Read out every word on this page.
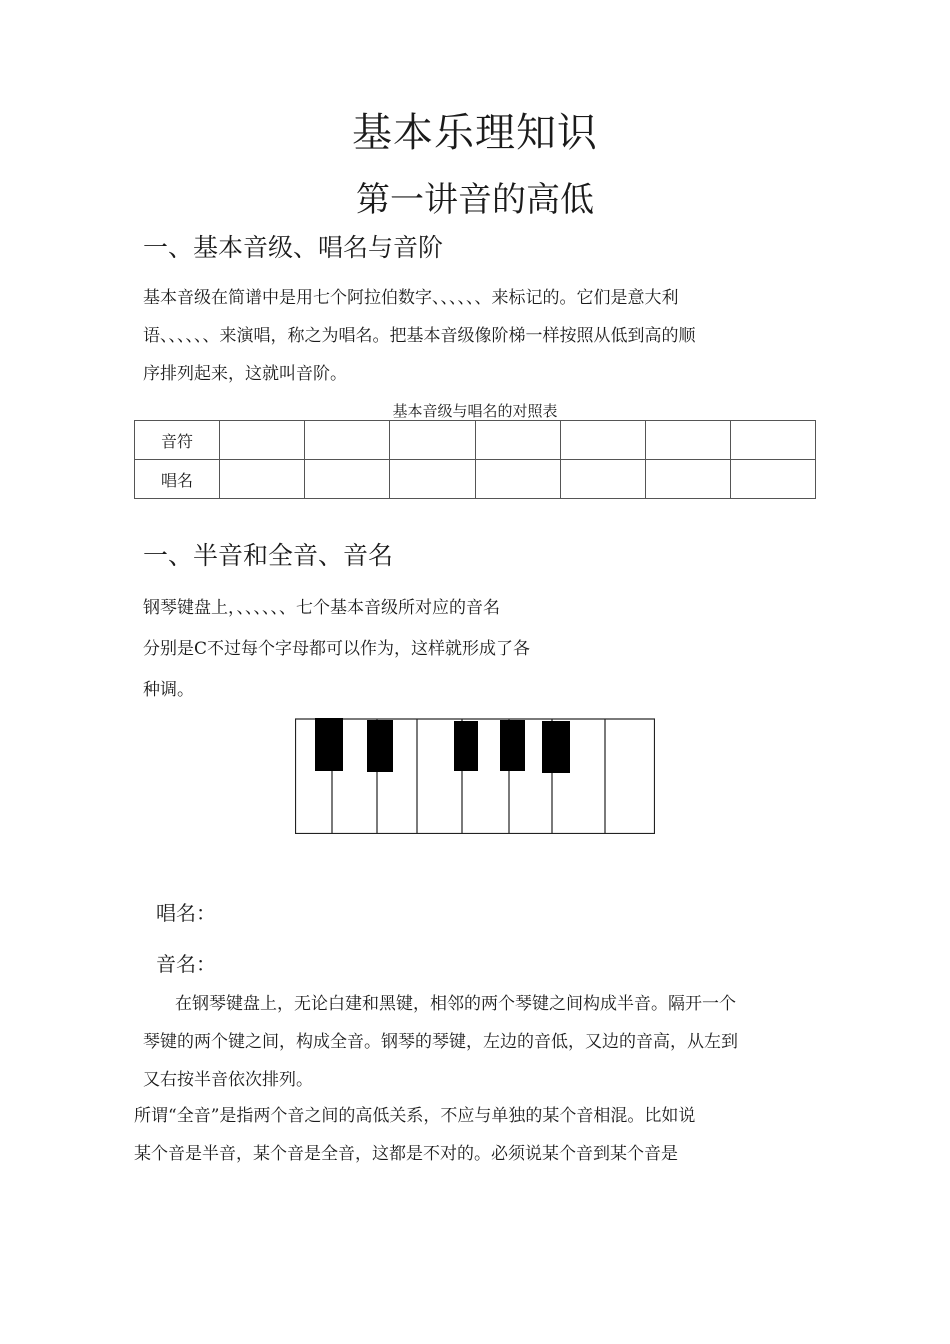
基本乐理知识
第一讲音的高低
一、基本音级、唱名与音阶
基本音级在简谱中是用七个阿拉伯数字、、、、、、来标记的。它们是意大利
语、、、、、、来演唱，称之为唱名。把基本音级像阶梯一样按照从低到高的顺
序排列起来，这就叫音阶。
基本音级与唱名的对照表
音符							
唱名							
一、半音和全音、音名
钢琴键盘上，、、、、、、七个基本音级所对应的音名
分别是C不过每个字母都可以作为，这样就形成了各
种调。
唱名：
音名：
在钢琴键盘上，无论白建和黑键，相邻的两个琴键之间构成半音。隔开一个
琴键的两个键之间，构成全音。钢琴的琴键，左边的音低，又边的音高，从左到
又右按半音依次排列。
所谓“全音”是指两个音之间的高低关系，不应与单独的某个音相混。比如说
某个音是半音，某个音是全音，这都是不对的。必须说某个音到某个音是
